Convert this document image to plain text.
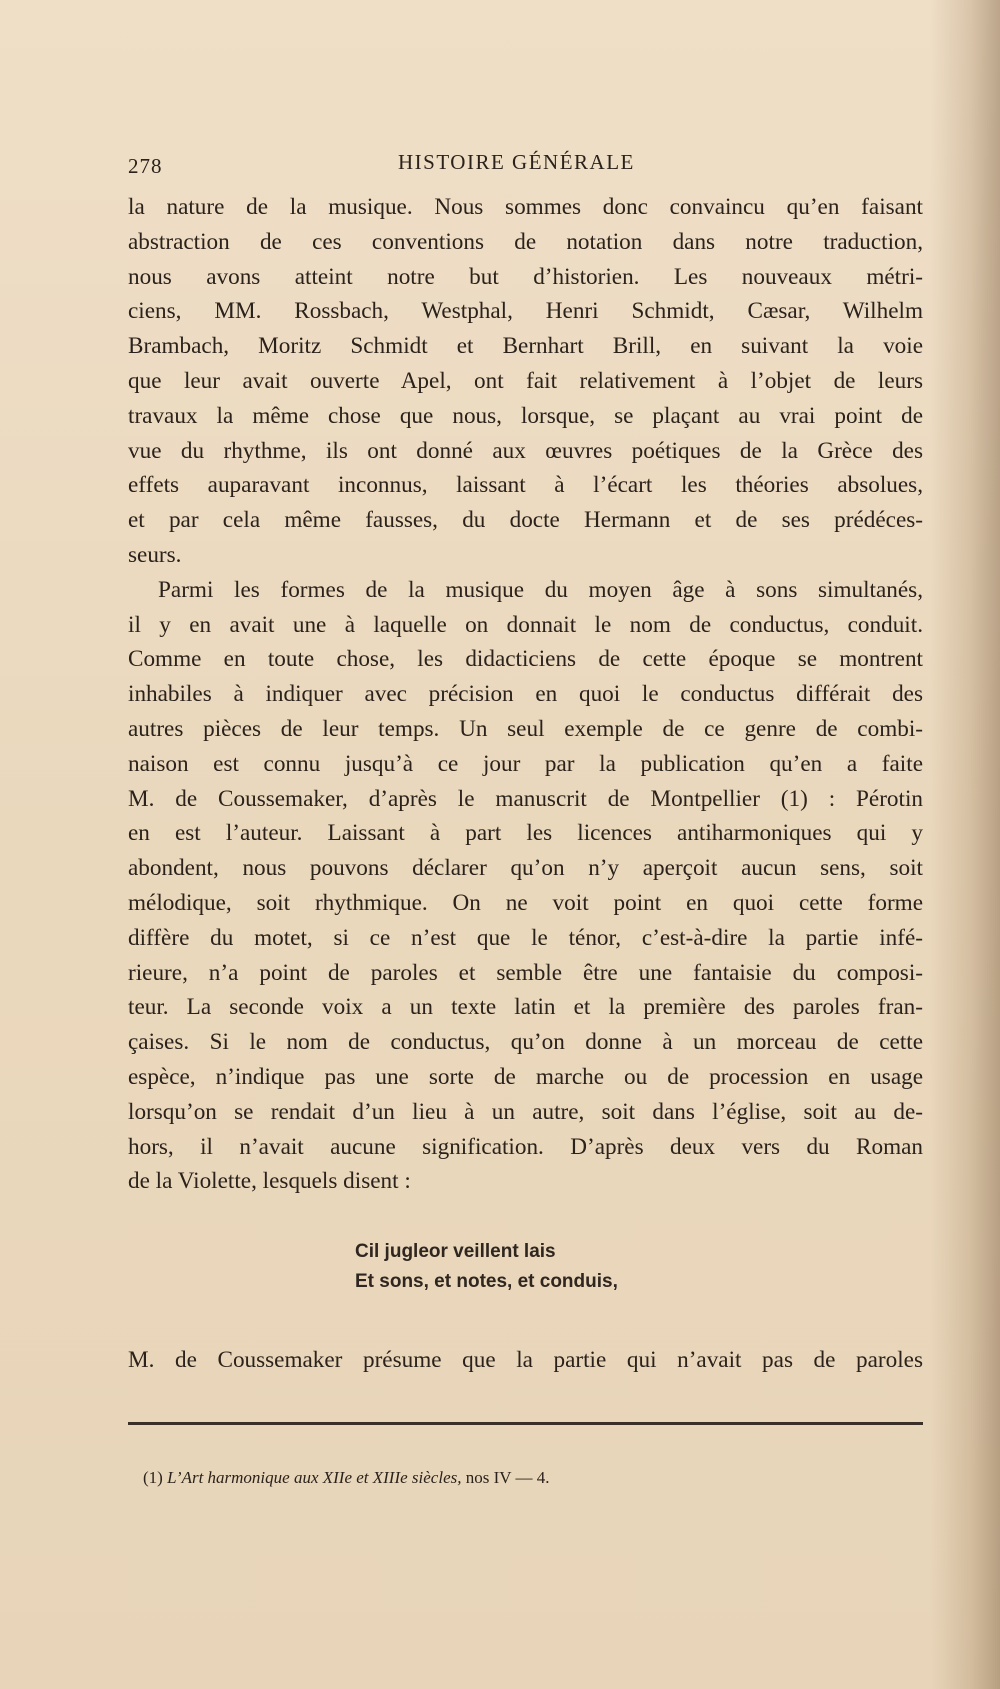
278	HISTOIRE GÉNÉRALE
la nature de la musique. Nous sommes donc convaincu qu’en faisant
abstraction de ces conventions de notation dans notre traduction,
nous avons atteint notre but d’historien. Les nouveaux métri-
ciens, MM. Rossbach, Westphal, Henri Schmidt, Cæsar, Wilhelm
Brambach, Moritz Schmidt et Bernhart Brill, en suivant la voie
que leur avait ouverte Apel, ont fait relativement à l’objet de leurs
travaux la même chose que nous, lorsque, se plaçant au vrai point de
vue du rhythme, ils ont donné aux œuvres poétiques de la Grèce des
effets auparavant inconnus, laissant à l’écart les théories absolues,
et par cela même fausses, du docte Hermann et de ses prédéces-
seurs.
Parmi les formes de la musique du moyen âge à sons simultanés,
il y en avait une à laquelle on donnait le nom de conductus, conduit.
Comme en toute chose, les didacticiens de cette époque se montrent
inhabiles à indiquer avec précision en quoi le conductus différait des
autres pièces de leur temps. Un seul exemple de ce genre de combi-
naison est connu jusqu’à ce jour par la publication qu’en a faite
M. de Coussemaker, d’après le manuscrit de Montpellier (1) : Pérotin
en est l’auteur. Laissant à part les licences antiharmoniques qui y
abondent, nous pouvons déclarer qu’on n’y aperçoit aucun sens, soit
mélodique, soit rhythmique. On ne voit point en quoi cette forme
diffère du motet, si ce n’est que le ténor, c’est-à-dire la partie infé-
rieure, n’a point de paroles et semble être une fantaisie du composi-
teur. La seconde voix a un texte latin et la première des paroles fran-
çaises. Si le nom de conductus, qu’on donne à un morceau de cette
espèce, n’indique pas une sorte de marche ou de procession en usage
lorsqu’on se rendait d’un lieu à un autre, soit dans l’église, soit au de-
hors, il n’avait aucune signification. D’après deux vers du Roman
de la Violette, lesquels disent :
Cil jugleor veillent lais
Et sons, et notes, et conduis,
M. de Coussemaker présume que la partie qui n’avait pas de paroles
(1) L’Art harmonique aux XIIe et XIIIe siècles, nos IV — 4.
